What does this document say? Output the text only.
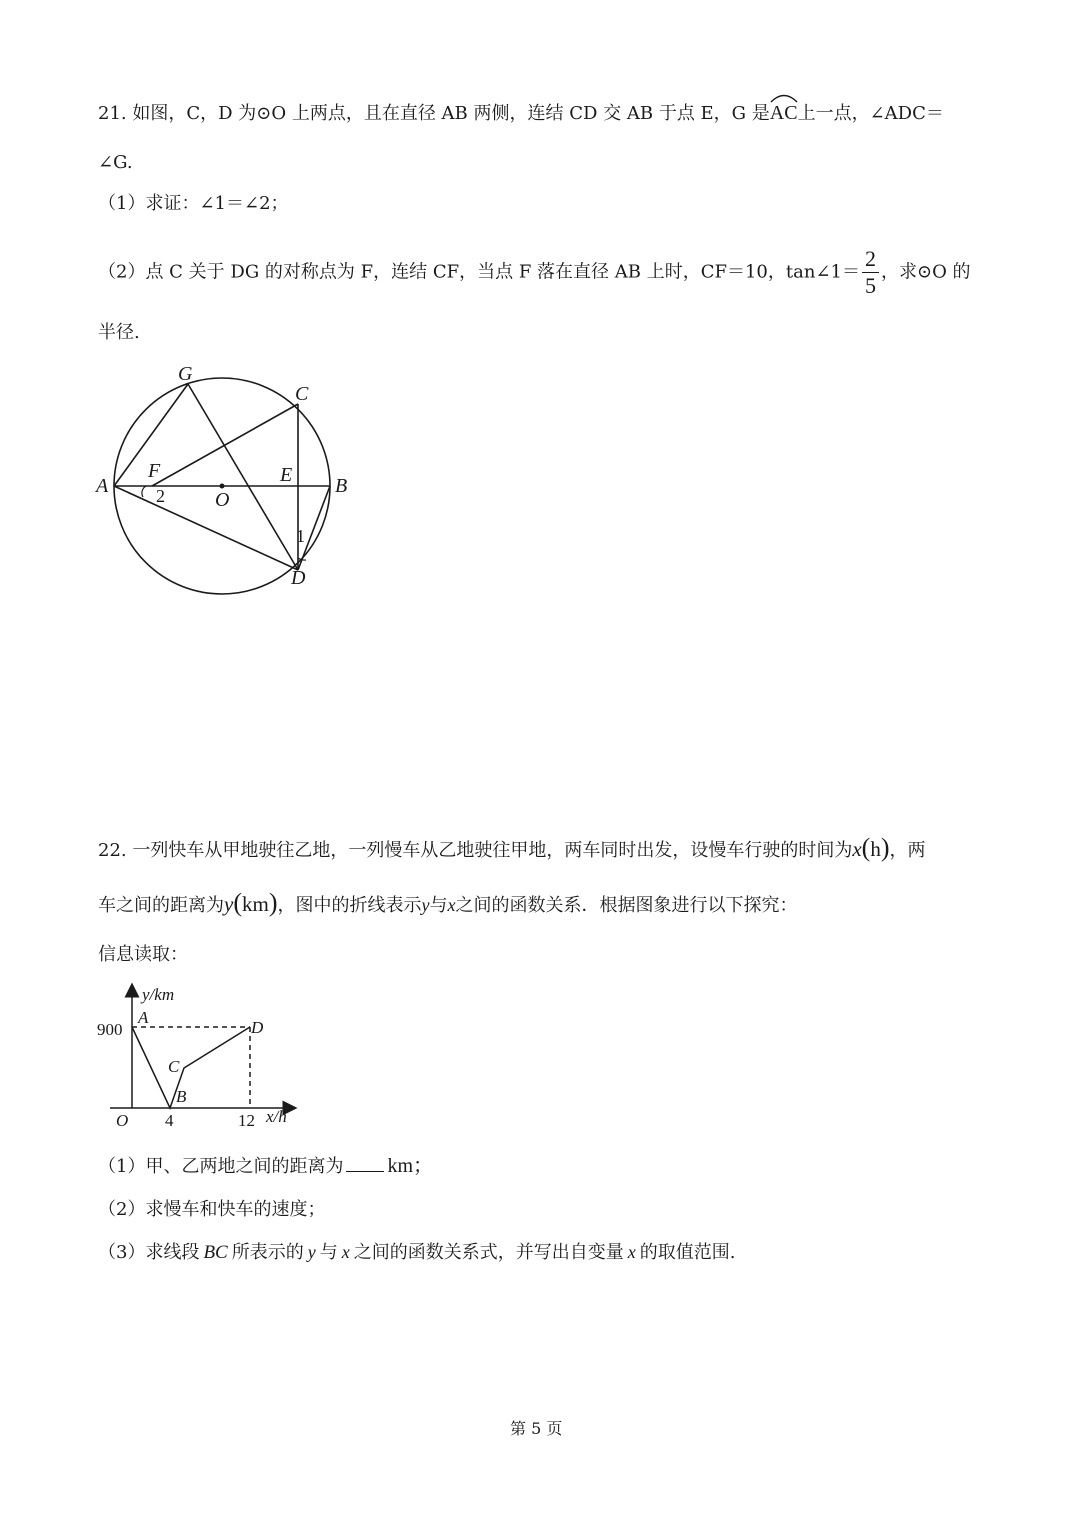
21. 如图，C，D 为⊙O 上两点，且在直径 AB 两侧，连结 CD 交 AB 于点 E，G 是
AC上一点，∠ADC＝
∠G.
（1）求证：∠1＝∠2；
（2）点 C 关于 DG 的对称点为 F，连结 CF，当点 F 落在直径 AB 上时，CF＝10，tan∠1＝ $\frac{2}{5}$ ，求⊙O 的
半径.
G
C
A
F
O
E B
D
2
1
22. 一列快车从甲地驶往乙地，一列慢车从乙地驶往甲地，两车同时出发，设慢车行驶的时间为x(h)，两
车之间的距离为y(km)，图中的折线表示y与x之间的函数关系．根据图象进行以下探究：
信息读取：
y/km
900
A
D
C
B
O 4	12 x/h
（1）甲、乙两地之间的距离为 km；
（2）求慢车和快车的速度；
（3）求线段 BC 所表示的 y 与 x 之间的函数关系式，并写出自变量 x 的取值范围.
第 5 页
